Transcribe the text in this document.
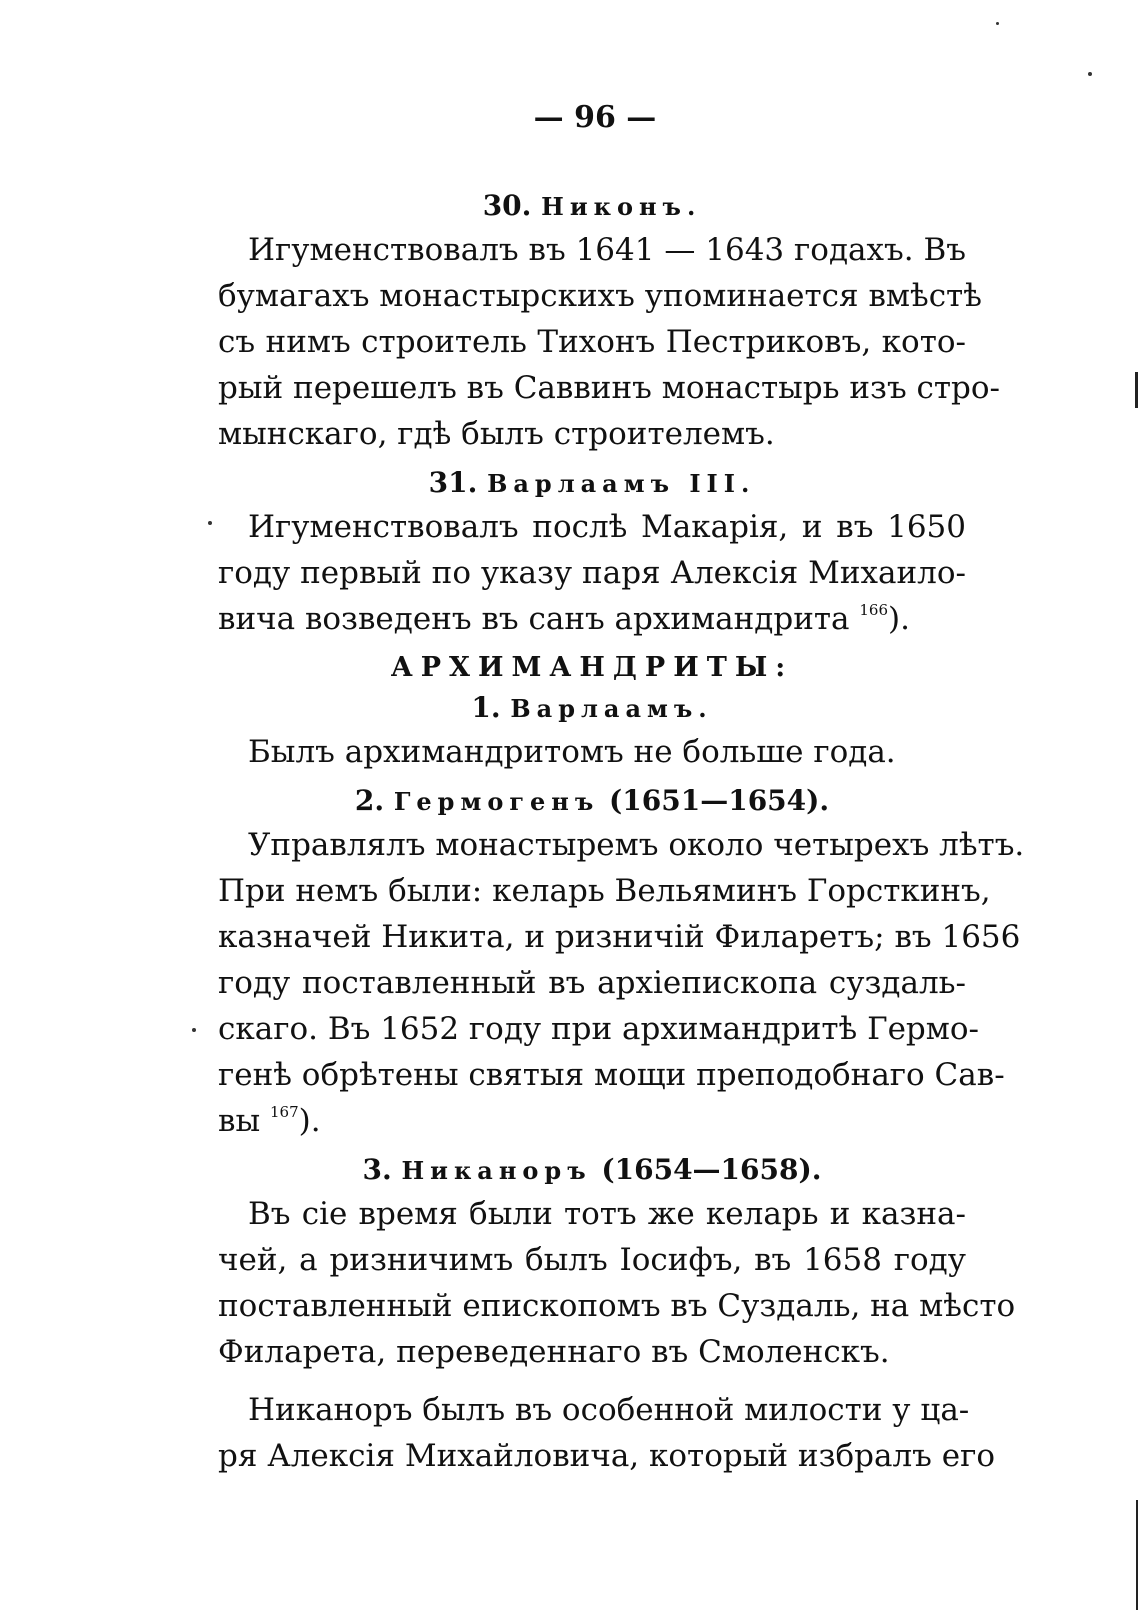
— 96 —

30. Никонъ.

Игуменствовалъ въ 1641 — 1643 годахъ. Въ
бумагахъ монастырскихъ упоминается вмѣстѣ
съ нимъ строитель Тихонъ Пестриковъ, кото-
рый перешелъ въ Саввинъ монастырь изъ стро-
мынскаго, гдѣ былъ строителемъ.

31. Варлаамъ III.

Игуменствовалъ послѣ Макарія, и въ 1650
году первый по указу паря Алексія Михаило-
вича возведенъ въ санъ архимандрита $^{166}$).

АРХИМАНДРИТЫ:

1. Варлаамъ.

Былъ архимандритомъ не больше года.

2. Гермогенъ (1651—1654).

Управлялъ монастыремъ около четырехъ лѣтъ.
При немъ были: келарь Вельяминъ Горсткинъ,
казначей Никита, и ризничій Филаретъ; въ 1656
году поставленный въ архіепископа суздаль-
скаго. Въ 1652 году при архимандритѣ Гермо-
генѣ обрѣтены святыя мощи преподобнаго Сав-
вы $^{167}$).

3. Никаноръ (1654—1658).

Въ сіе время были тотъ же келарь и казна-
чей, а ризничимъ былъ Іосифъ, въ 1658 году
поставленный епископомъ въ Суздаль, на мѣсто
Филарета, переведеннаго въ Смоленскъ.
Никаноръ былъ въ особенной милости у ца-
ря Алексія Михайловича, который избралъ его
